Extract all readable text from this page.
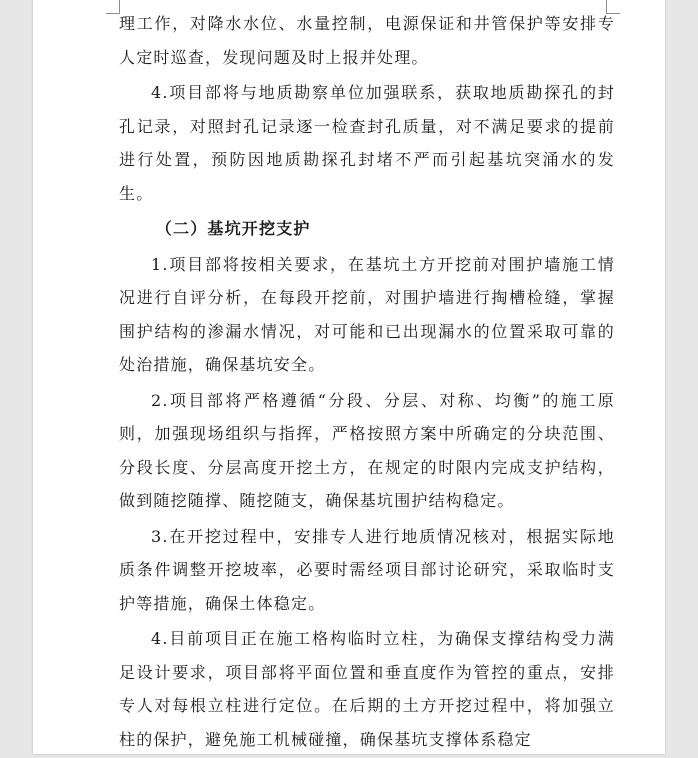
理工作，对降水水位、水量控制，电源保证和井管保护等安排专人定时巡查，发现问题及时上报并处理。

4.项目部将与地质勘察单位加强联系，获取地质勘探孔的封孔记录，对照封孔记录逐一检查封孔质量，对不满足要求的提前进行处置，预防因地质勘探孔封堵不严而引起基坑突涌水的发生。

（二）基坑开挖支护

1.项目部将按相关要求，在基坑土方开挖前对围护墙施工情况进行自评分析，在每段开挖前，对围护墙进行掏槽检缝，掌握围护结构的渗漏水情况，对可能和已出现漏水的位置采取可靠的处治措施，确保基坑安全。

2.项目部将严格遵循“分段、分层、对称、均衡”的施工原则，加强现场组织与指挥，严格按照方案中所确定的分块范围、分段长度、分层高度开挖土方，在规定的时限内完成支护结构，做到随挖随撑、随挖随支，确保基坑围护结构稳定。

3.在开挖过程中，安排专人进行地质情况核对，根据实际地质条件调整开挖坡率，必要时需经项目部讨论研究，采取临时支护等措施，确保土体稳定。

4.目前项目正在施工格构临时立柱，为确保支撑结构受力满足设计要求，项目部将平面位置和垂直度作为管控的重点，安排专人对每根立柱进行定位。在后期的土方开挖过程中，将加强立柱的保护，避免施工机械碰撞，确保基坑支撑体系稳定
